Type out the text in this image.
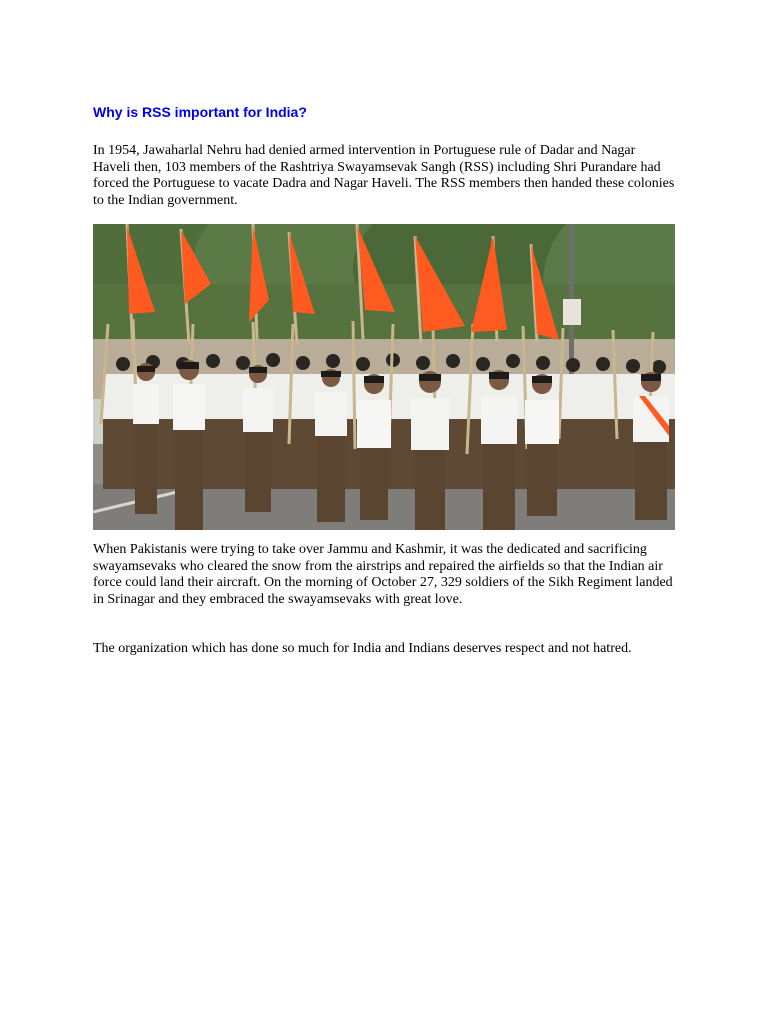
Why is RSS important for India?

In 1954, Jawaharlal Nehru had denied armed intervention in Portuguese rule of Dadar and Nagar Haveli then, 103 members of the Rashtriya Swayamsevak Sangh (RSS) including Shri Purandare had forced the Portuguese to vacate Dadra and Nagar Haveli. The RSS members then handed these colonies to the Indian government.

When Pakistanis were trying to take over Jammu and Kashmir, it was the dedicated and sacrificing swayamsevaks who cleared the snow from the airstrips and repaired the airfields so that the Indian air force could land their aircraft. On the morning of October 27, 329 soldiers of the Sikh Regiment landed in Srinagar and they embraced the swayamsevaks with great love.

The organization which has done so much for India and Indians deserves respect and not hatred.
